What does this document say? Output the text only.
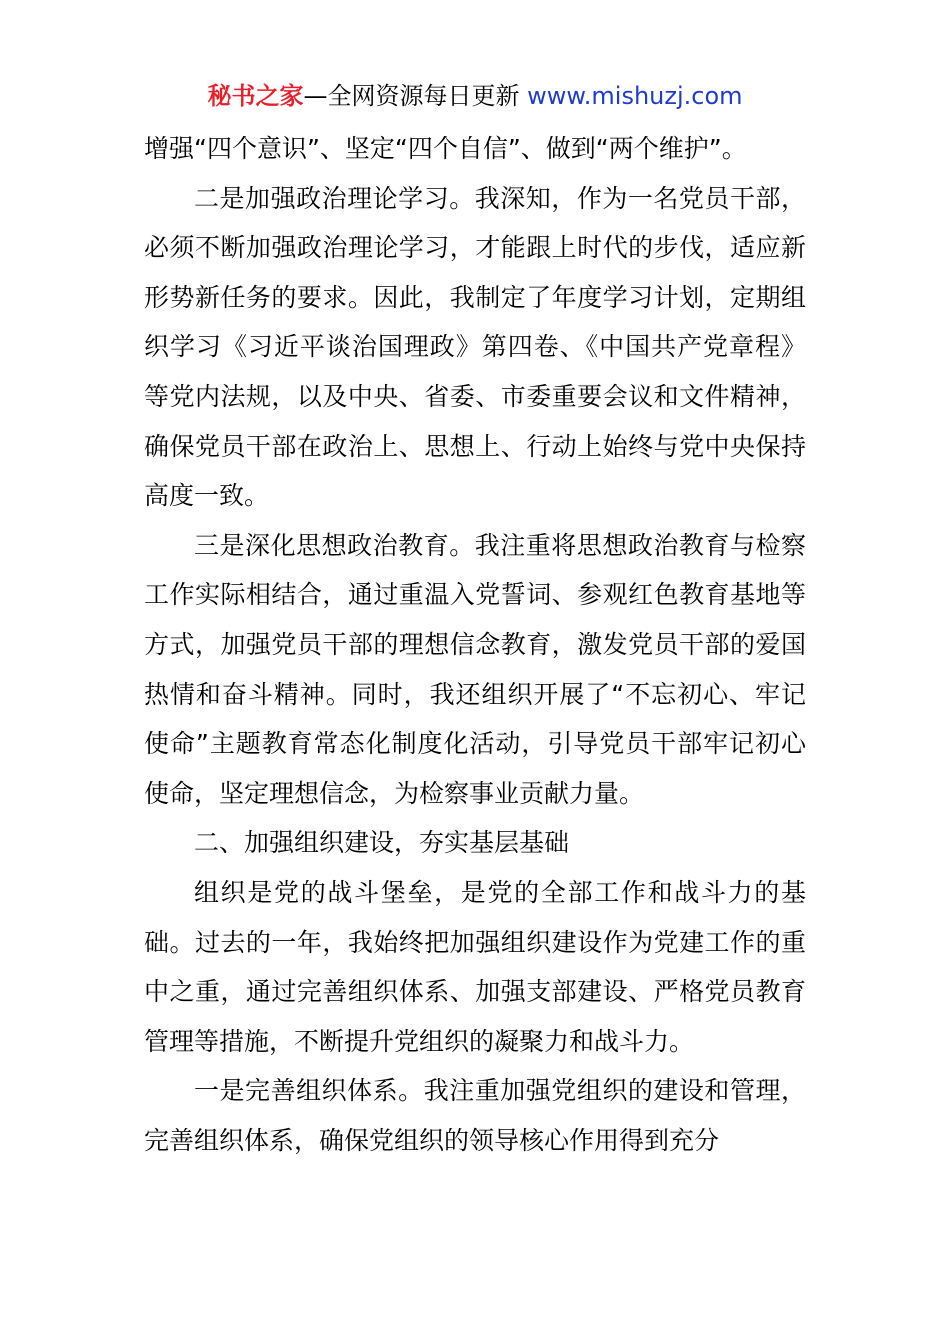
秘书之家—全网资源每日更新 www.mishuzj.com

增强“四个意识”、坚定“四个自信”、做到“两个维护”。

二是加强政治理论学习。我深知，作为一名党员干部，必须不断加强政治理论学习，才能跟上时代的步伐，适应新形势新任务的要求。因此，我制定了年度学习计划，定期组织学习《习近平谈治国理政》第四卷、《中国共产党章程》等党内法规，以及中央、省委、市委重要会议和文件精神，确保党员干部在政治上、思想上、行动上始终与党中央保持高度一致。

三是深化思想政治教育。我注重将思想政治教育与检察工作实际相结合，通过重温入党誓词、参观红色教育基地等方式，加强党员干部的理想信念教育，激发党员干部的爱国热情和奋斗精神。同时，我还组织开展了“不忘初心、牢记使命”主题教育常态化制度化活动，引导党员干部牢记初心使命，坚定理想信念，为检察事业贡献力量。

二、加强组织建设，夯实基层基础

组织是党的战斗堡垒，是党的全部工作和战斗力的基础。过去的一年，我始终把加强组织建设作为党建工作的重中之重，通过完善组织体系、加强支部建设、严格党员教育管理等措施，不断提升党组织的凝聚力和战斗力。

一是完善组织体系。我注重加强党组织的建设和管理，完善组织体系，确保党组织的领导核心作用得到充分
